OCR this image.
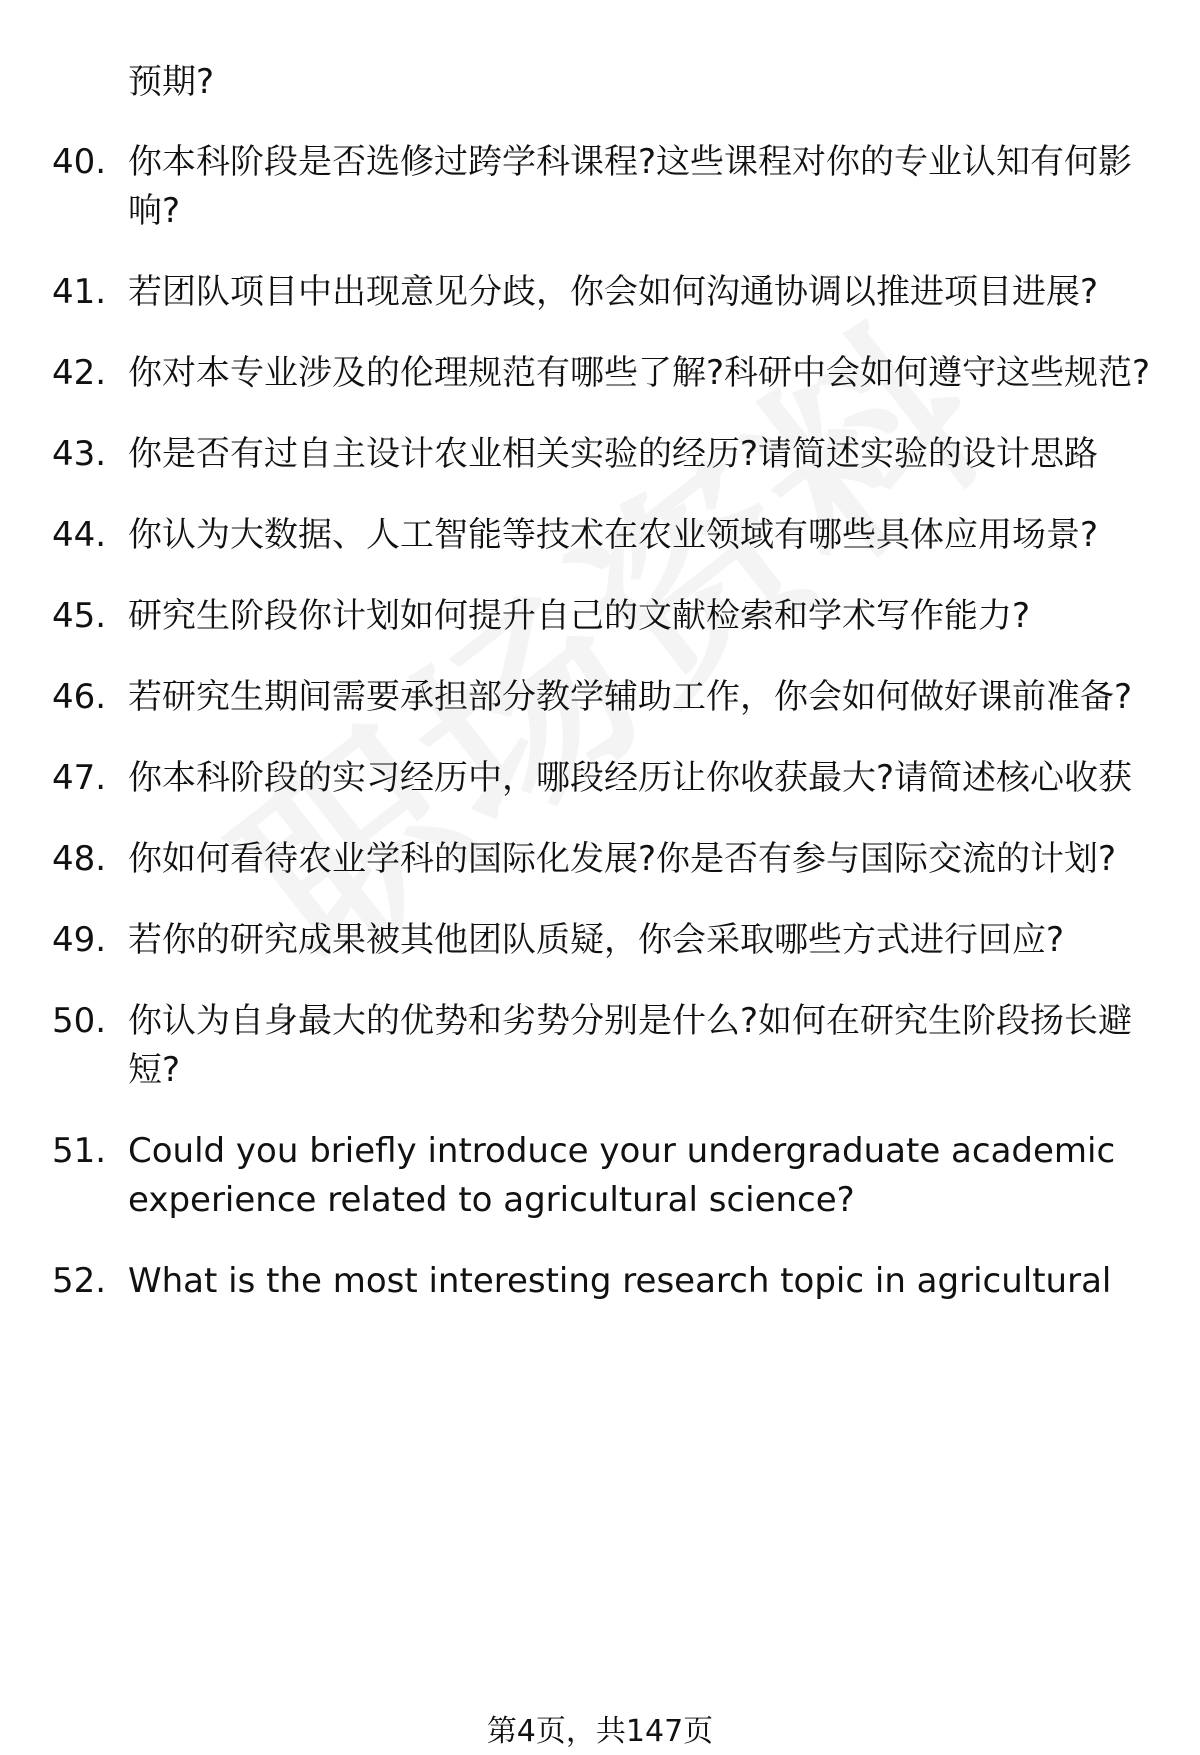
预期?
40. 你本科阶段是否选修过跨学科课程?这些课程对你的专业认知有何影响?
41. 若团队项目中出现意见分歧，你会如何沟通协调以推进项目进展?
42. 你对本专业涉及的伦理规范有哪些了解?科研中会如何遵守这些规范?
43. 你是否有过自主设计农业相关实验的经历?请简述实验的设计思路
44. 你认为大数据、人工智能等技术在农业领域有哪些具体应用场景?
45. 研究生阶段你计划如何提升自己的文献检索和学术写作能力?
46. 若研究生期间需要承担部分教学辅助工作，你会如何做好课前准备?
47. 你本科阶段的实习经历中，哪段经历让你收获最大?请简述核心收获
48. 你如何看待农业学科的国际化发展?你是否有参与国际交流的计划?
49. 若你的研究成果被其他团队质疑，你会采取哪些方式进行回应?
50. 你认为自身最大的优势和劣势分别是什么?如何在研究生阶段扬长避短?
51. Could you briefly introduce your undergraduate academic experience related to agricultural science?
52. What is the most interesting research topic in agricultural
第4页，共147页
